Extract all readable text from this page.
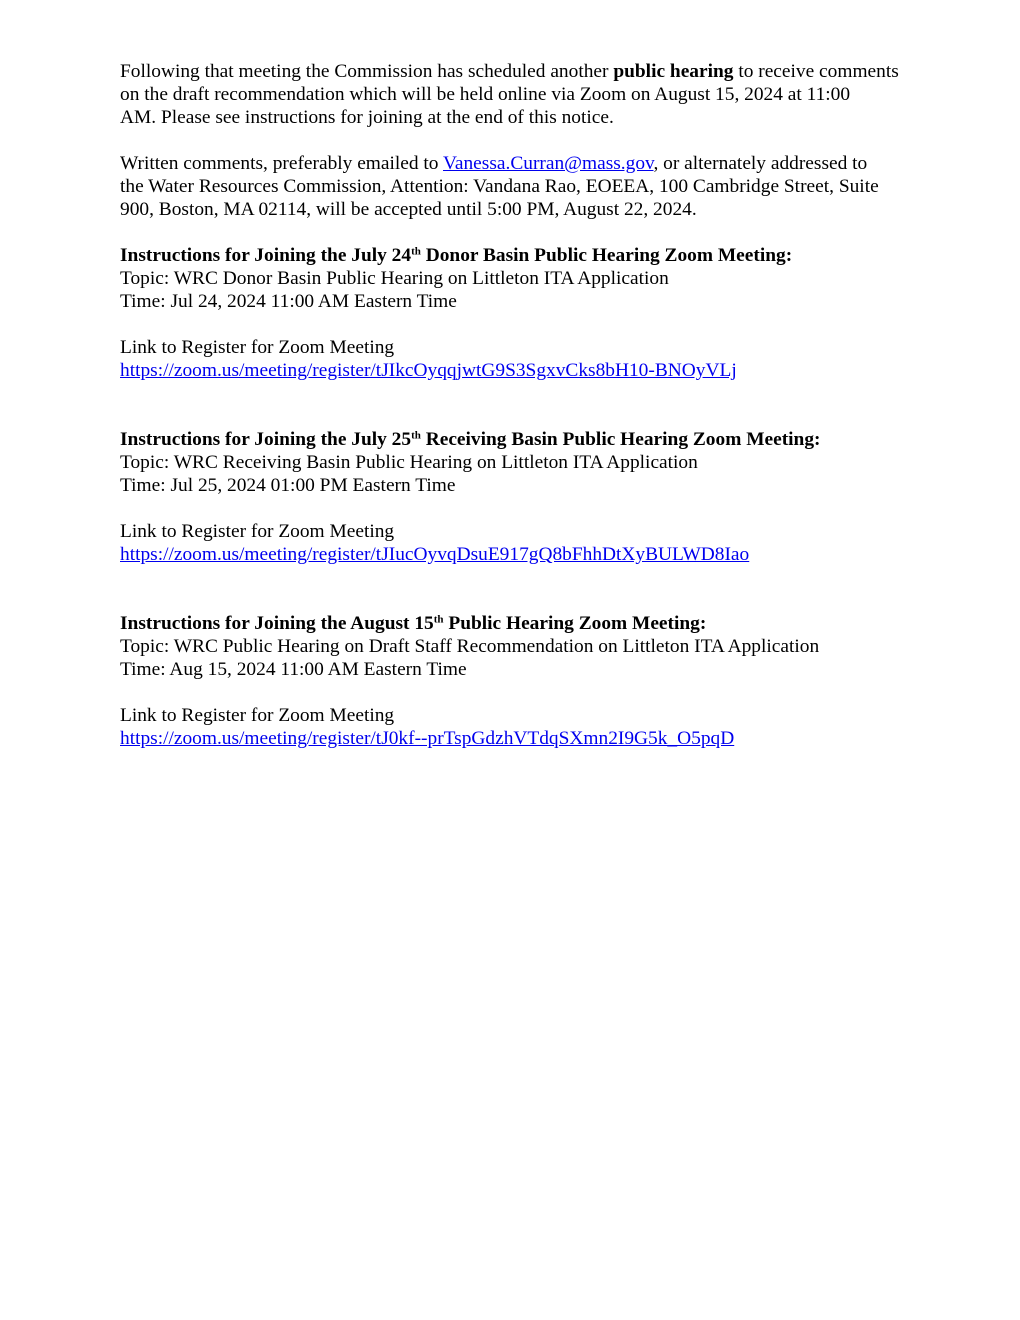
Following that meeting the Commission has scheduled another public hearing to receive comments
on the draft recommendation which will be held online via Zoom on August 15, 2024 at 11:00
AM. Please see instructions for joining at the end of this notice.
Written comments, preferably emailed to Vanessa.Curran@mass.gov, or alternately addressed to
the Water Resources Commission, Attention: Vandana Rao, EOEEA, 100 Cambridge Street, Suite
900, Boston, MA 02114, will be accepted until 5:00 PM, August 22, 2024.
Instructions for Joining the July 24th Donor Basin Public Hearing Zoom Meeting:
Topic: WRC Donor Basin Public Hearing on Littleton ITA Application
Time: Jul 24, 2024 11:00 AM Eastern Time
Link to Register for Zoom Meeting
https://zoom.us/meeting/register/tJIkcOyqqjwtG9S3SgxvCks8bH10-BNOyVLj
Instructions for Joining the July 25th Receiving Basin Public Hearing Zoom Meeting:
Topic: WRC Receiving Basin Public Hearing on Littleton ITA Application
Time: Jul 25, 2024 01:00 PM Eastern Time
Link to Register for Zoom Meeting
https://zoom.us/meeting/register/tJIucOyvqDsuE917gQ8bFhhDtXyBULWD8Iao
Instructions for Joining the August 15th Public Hearing Zoom Meeting:
Topic: WRC Public Hearing on Draft Staff Recommendation on Littleton ITA Application
Time: Aug 15, 2024 11:00 AM Eastern Time
Link to Register for Zoom Meeting
https://zoom.us/meeting/register/tJ0kf--prTspGdzhVTdqSXmn2I9G5k_O5pqD
